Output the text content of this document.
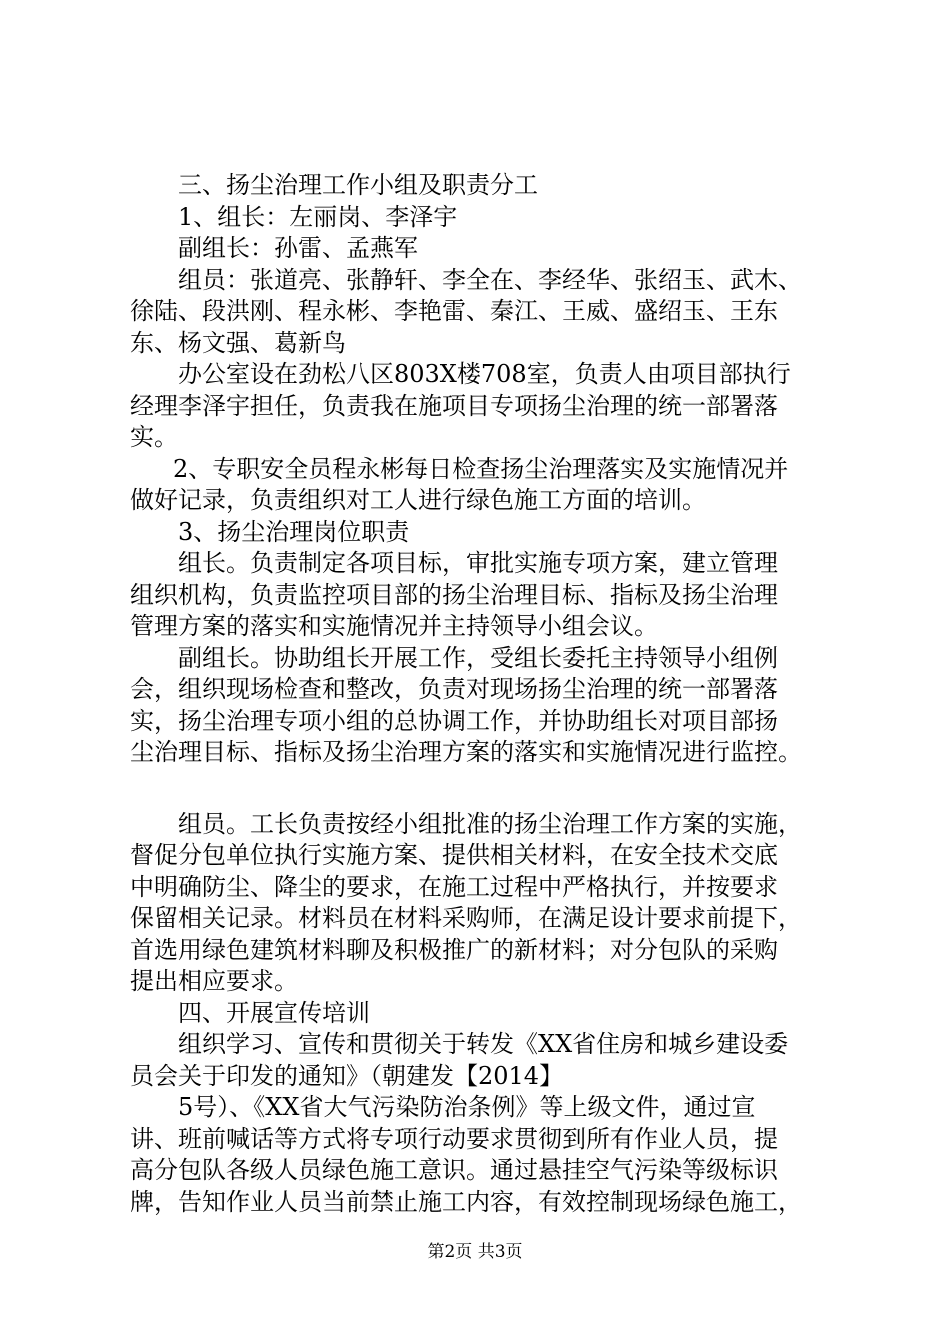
三、扬尘治理工作小组及职责分工
1、组长：左丽岗、李泽宇
副组长：孙雷、孟燕军
组员：张道亮、张静轩、李全在、李经华、张绍玉、武木、
徐陆、段洪刚、程永彬、李艳雷、秦江、王威、盛绍玉、王东
东、杨文强、葛新鸟
办公室设在劲松八区803X楼708室，负责人由项目部执行
经理李泽宇担任，负责我在施项目专项扬尘治理的统一部署落
实。
2、专职安全员程永彬每日检查扬尘治理落实及实施情况并
做好记录，负责组织对工人进行绿色施工方面的培训。
3、扬尘治理岗位职责
组长。负责制定各项目标，审批实施专项方案，建立管理
组织机构，负责监控项目部的扬尘治理目标、指标及扬尘治理
管理方案的落实和实施情况并主持领导小组会议。
副组长。协助组长开展工作，受组长委托主持领导小组例
会，组织现场检查和整改，负责对现场扬尘治理的统一部署落
实，扬尘治理专项小组的总协调工作，并协助组长对项目部扬
尘治理目标、指标及扬尘治理方案的落实和实施情况进行监控。
组员。工长负责按经小组批准的扬尘治理工作方案的实施，
督促分包单位执行实施方案、提供相关材料，在安全技术交底
中明确防尘、降尘的要求，在施工过程中严格执行，并按要求
保留相关记录。材料员在材料采购师，在满足设计要求前提下，
首选用绿色建筑材料聊及积极推广的新材料；对分包队的采购
提出相应要求。
四、开展宣传培训
组织学习、宣传和贯彻关于转发《XX省住房和城乡建设委
员会关于印发的通知》（朝建发【2014】
5号）、《XX省大气污染防治条例》等上级文件，通过宣
讲、班前喊话等方式将专项行动要求贯彻到所有作业人员，提
高分包队各级人员绿色施工意识。通过悬挂空气污染等级标识
牌，告知作业人员当前禁止施工内容，有效控制现场绿色施工，
第2页 共3页
